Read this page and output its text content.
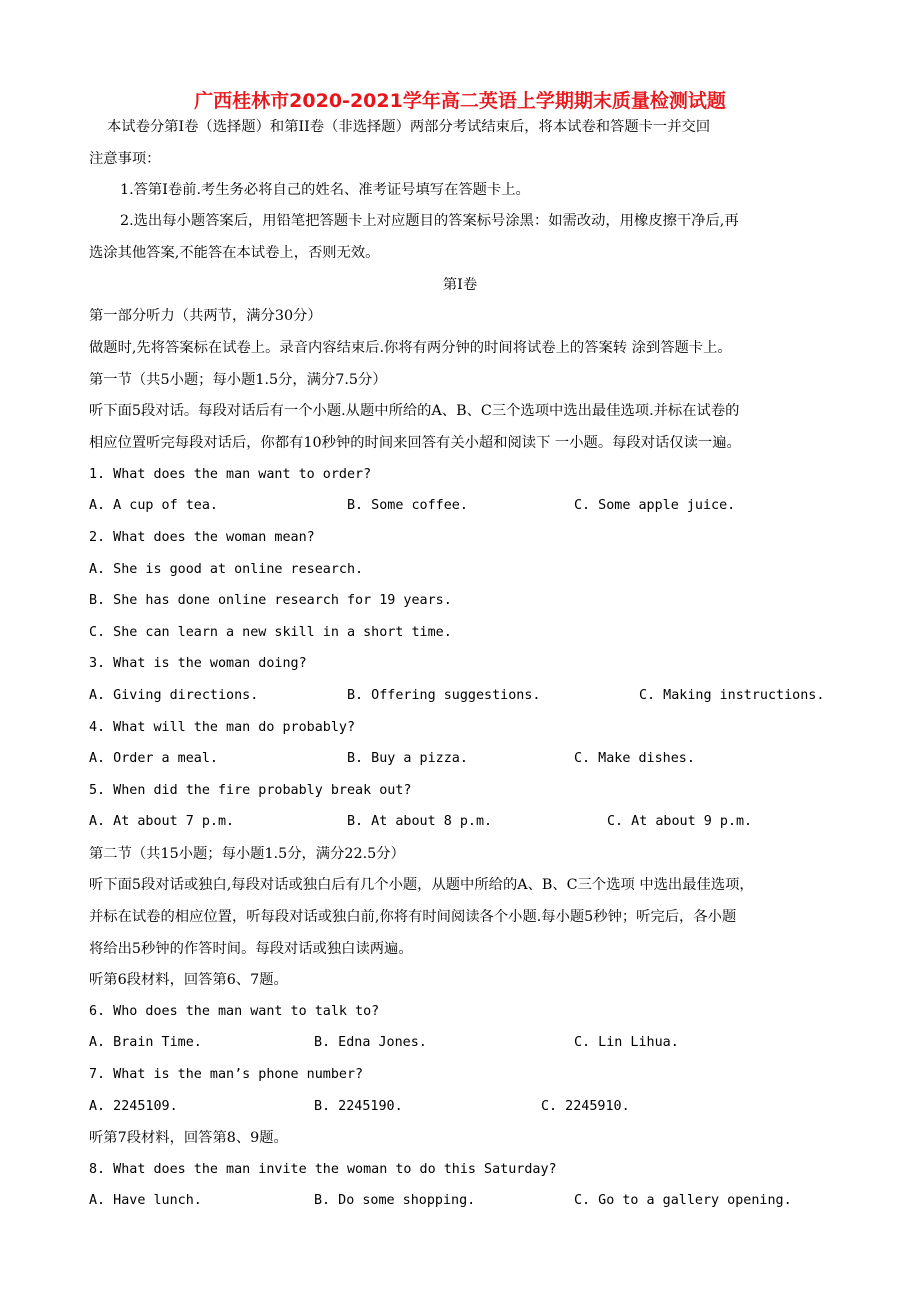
广西桂林市2020-2021学年高二英语上学期期末质量检测试题
本试卷分第Ⅰ卷（选择题）和第II卷（非选择题）两部分考试结束后，将本试卷和答题卡一并交回
注意事项：
1.答第Ⅰ卷前.考生务必将自己的姓名、准考证号填写在答题卡上。
2.选出每小题答案后，用铅笔把答题卡上对应题目的答案标号涂黑：如需改动，用橡皮擦干净后,再
选涂其他答案,不能答在本试卷上，否则无效。
第Ⅰ卷
第一部分听力（共两节，满分30分）
做题时,先将答案标在试卷上。录音内容结束后.你将有两分钟的时间将试卷上的答案转 涂到答题卡上。
第一节（共5小题；每小题1.5分，满分7.5分）
听下面5段对话。每段对话后有一个小题.从题中所给的A、B、C三个选项中选出最佳选项.并标在试卷的
相应位置听完每段对话后，你都有10秒钟的时间来回答有关小超和阅读下 一小题。每段对话仅读一遍。
1. What does the man want to order?
A. A cup of tea.	B. Some coffee.	C. Some apple juice.
2. What does the woman mean?
A. She is good at online research.
B. She has done online research for 19 years.
C. She can learn a new skill in a short time.
3. What is the woman doing?
A. Giving directions.	B. Offering suggestions.	C. Making instructions.
4. What will the man do probably?
A. Order a meal.	B. Buy a pizza.	C. Make dishes.
5. When did the fire probably break out?
A. At about 7 p.m.	B. At about 8 p.m.	C. At about 9 p.m.
第二节（共15小题；每小题1.5分，满分22.5分）
听下面5段对话或独白,每段对话或独白后有几个小题，从题中所给的A、B、C三个选项 中选出最佳选项，
并标在试卷的相应位置，听每段对话或独白前,你将有时间阅读各个小题.每小题5秒钟；听完后，各小题
将给出5秒钟的作答时间。每段对话或独白读两遍。
听第6段材料，回答第6、7题。
6. Who does the man want to talk to?
A. Brain Time.	B. Edna Jones.	C. Lin Lihua.
7. What is the man’s phone number?
A. 2245109.	B. 2245190.	C. 2245910.
听第7段材料，回答第8、9题。
8. What does the man invite the woman to do this Saturday?
A. Have lunch.	B. Do some shopping.	C. Go to a gallery opening.
